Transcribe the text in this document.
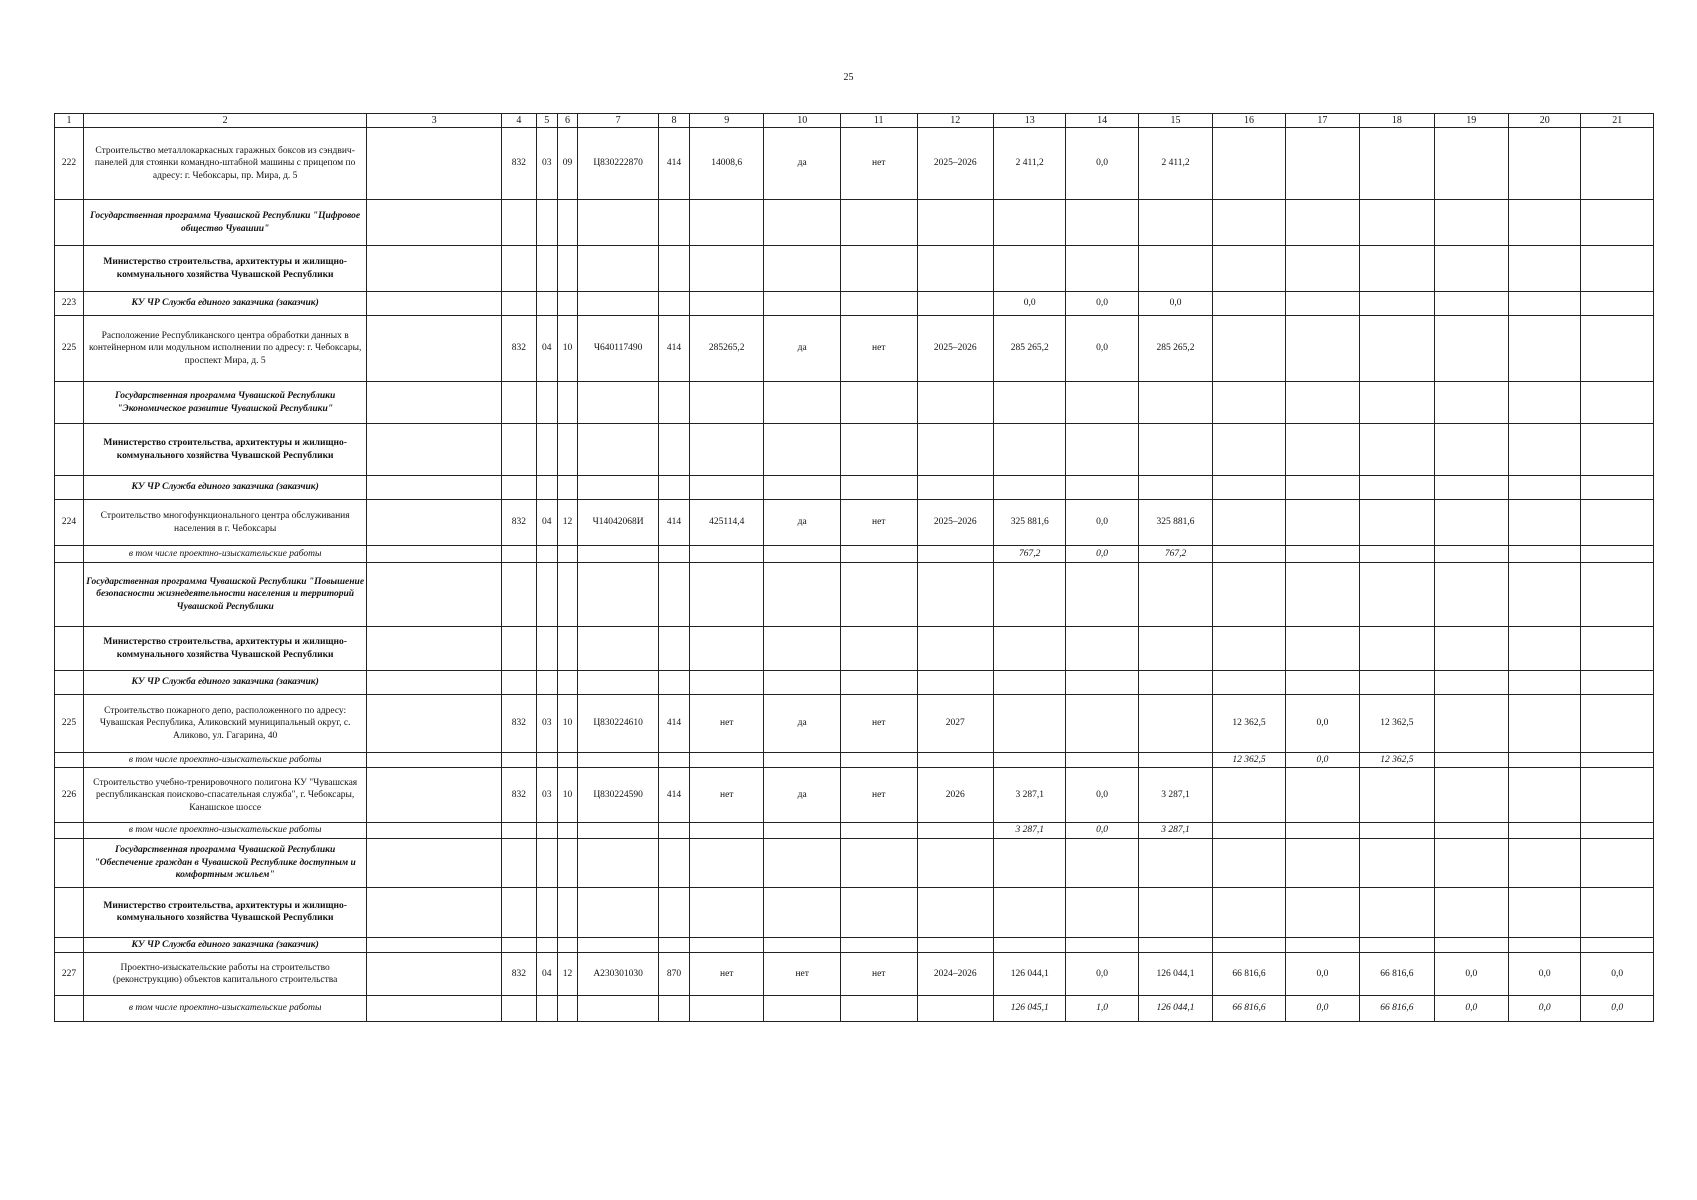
25
1	2	3	4	5	6	7	8	9	10	11	12	13	14	15	16	17	18	19	20	21
222	Строительство металлокаркасных гаражных боксов из сэндвич-панелей для стоянки командно-штабной машины с прицепом по адресу: г. Чебоксары, пр. Мира, д. 5		832	03	09	Ц830222870	414	14008,6	да	нет	2025–2026	2 411,2	0,0	2 411,2						
	Государственная программа Чувашской Республики "Цифровое общество Чувашии"																			
	Министерство строительства, архитектуры и жилищно-коммунального хозяйства Чувашской Республики																			
223	КУ ЧР Служба единого заказчика (заказчик)											0,0	0,0	0,0						
225	Расположение Республиканского центра обработки данных в контейнерном или модульном исполнении по адресу: г. Чебоксары, проспект Мира, д. 5		832	04	10	Ч640117490	414	285265,2	да	нет	2025–2026	285 265,2	0,0	285 265,2						
	Государственная программа Чувашской Республики "Экономическое развитие Чувашской Республики"																			
	Министерство строительства, архитектуры и жилищно-коммунального хозяйства Чувашской Республики																			
	КУ ЧР Служба единого заказчика (заказчик)																			
224	Строительство многофункционального центра обслуживания населения в г. Чебоксары		832	04	12	Ч14042068И	414	425114,4	да	нет	2025–2026	325 881,6	0,0	325 881,6						
	в том числе проектно-изыскательские работы											767,2	0,0	767,2						
	Государственная программа Чувашской Республики "Повышение безопасности жизнедеятельности населения и территорий Чувашской Республики																			
	Министерство строительства, архитектуры и жилищно-коммунального хозяйства Чувашской Республики																			
	КУ ЧР Служба единого заказчика (заказчик)																			
225	Строительство пожарного депо, расположенного по адресу: Чувашская Республика, Аликовский муниципальный округ, с. Аликово, ул. Гагарина, 40		832	03	10	Ц830224610	414	нет	да	нет	2027				12 362,5	0,0	12 362,5			
	в том числе проектно-изыскательские работы														12 362,5	0,0	12 362,5			
226	Строительство учебно-тренировочного полигона КУ "Чувашская республиканская поисково-спасательная служба", г. Чебоксары, Канашское шоссе		832	03	10	Ц830224590	414	нет	да	нет	2026	3 287,1	0,0	3 287,1						
	в том числе проектно-изыскательские работы											3 287,1	0,0	3 287,1						
	Государственная программа Чувашской Республики "Обеспечение граждан в Чувашской Республике доступным и комфортным жильем"																			
	Министерство строительства, архитектуры и жилищно-коммунального хозяйства Чувашской Республики																			
	КУ ЧР Служба единого заказчика (заказчик)																			
227	Проектно-изыскательские работы на строительство (реконструкцию) объектов капитального строительства		832	04	12	А230301030	870	нет	нет	нет	2024–2026	126 044,1	0,0	126 044,1	66 816,6	0,0	66 816,6	0,0	0,0	0,0
	в том числе проектно-изыскательские работы											126 045,1	1,0	126 044,1	66 816,6	0,0	66 816,6	0,0	0,0	0,0
